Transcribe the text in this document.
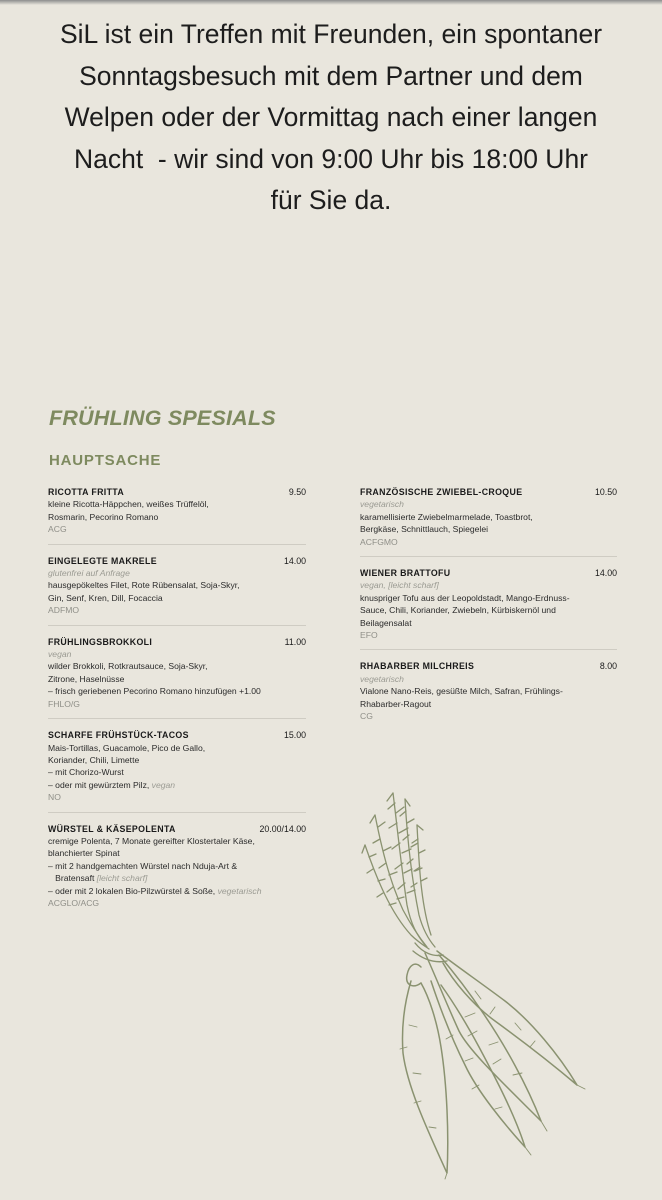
SiL ist ein Treffen mit Freunden, ein spontaner
Sonntagsbesuch mit dem Partner und dem
Welpen oder der Vormittag nach einer langen
Nacht  - wir sind von 9:00 Uhr bis 18:00 Uhr
für Sie da.
FRÜHLING SPESIALS
HAUPTSACHE
RICOTTA FRITTA	9.50
kleine Ricotta-Häppchen, weißes Trüffelöl,
Rosmarin, Pecorino Romano
ACG
EINGELEGTE MAKRELE	14.00
glutenfrei auf Anfrage
hausgepökeltes Filet, Rote Rübensalat, Soja-Skyr,
Gin, Senf, Kren, Dill, Focaccia
ADFMO
FRÜHLINGSBROKKOLI	11.00
vegan
wilder Brokkoli, Rotkrautsauce, Soja-Skyr,
Zitrone, Haselnüsse
– frisch geriebenen Pecorino Romano hinzufügen +1.00
FHLO/G
SCHARFE FRÜHSTÜCK-TACOS	15.00
Mais-Tortillas, Guacamole, Pico de Gallo,
Koriander, Chili, Limette
– mit Chorizo-Wurst
– oder mit gewürztem Pilz, vegan
NO
WÜRSTEL & KÄSEPOLENTA	20.00/14.00
cremige Polenta, 7 Monate gereifter Klostertaler Käse,
blanchierter Spinat
– mit 2 handgemachten Würstel nach Nduja-Art &
Bratensaft [leicht scharf]
– oder mit 2 lokalen Bio-Pilzwürstel & Soße, vegetarisch
ACGLO/ACG
FRANZÖSISCHE ZWIEBEL-CROQUE	10.50
vegetarisch
karamellisierte Zwiebelmarmelade, Toastbrot,
Bergkäse, Schnittlauch, Spiegelei
ACFGMO
WIENER BRATTOFU	14.00
vegan, [leicht scharf]
knuspriger Tofu aus der Leopoldstadt, Mango-Erdnuss-
Sauce, Chili, Koriander, Zwiebeln, Kürbiskernöl und
Beilagensalat
EFO
RHABARBER MILCHREIS	8.00
vegetarisch
Vialone Nano-Reis, gesüßte Milch, Safran, Frühlings-
Rhabarber-Ragout
CG
